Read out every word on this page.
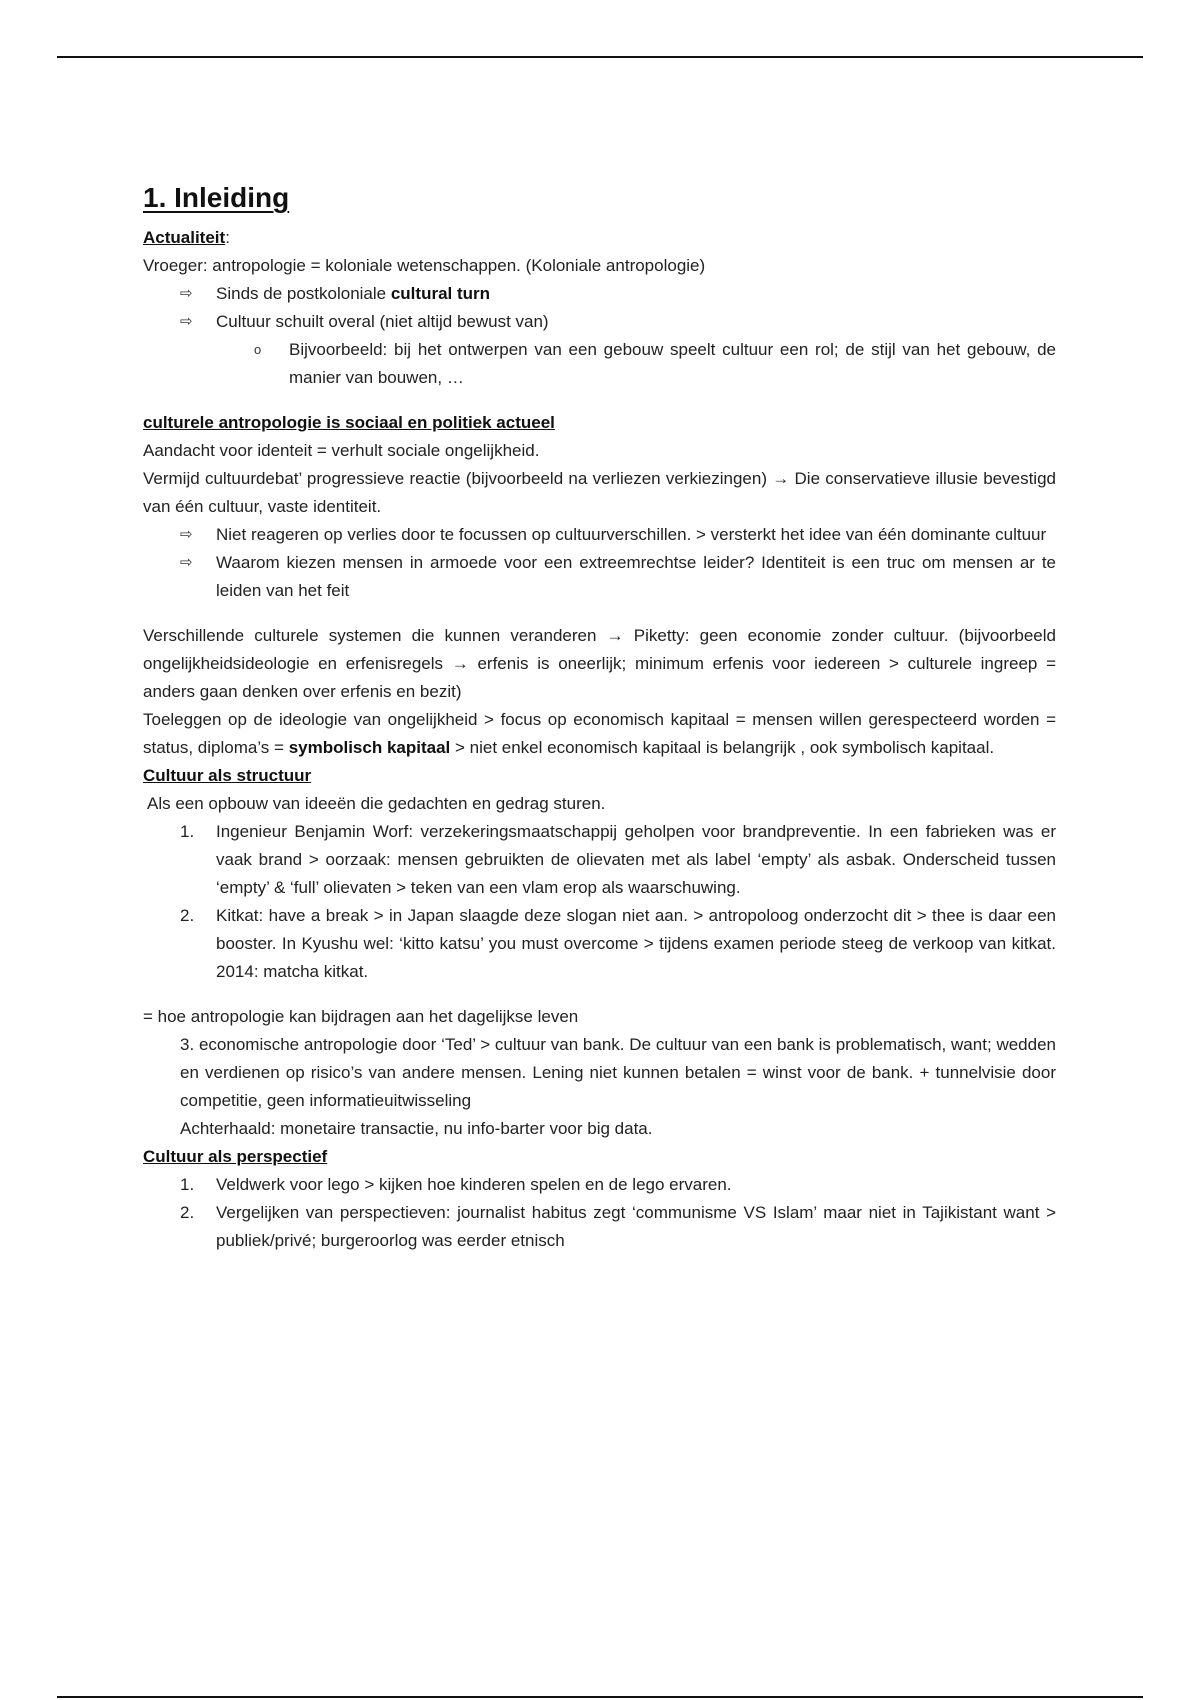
1. Inleiding

Actualiteit:

Vroeger: antropologie = koloniale wetenschappen. (Koloniale antropologie)

⇨ Sinds de postkoloniale cultural turn
⇨ Cultuur schuilt overal (niet altijd bewust van)
o Bijvoorbeeld: bij het ontwerpen van een gebouw speelt cultuur een rol; de stijl van het gebouw, de manier van bouwen, …

culturele antropologie is sociaal en politiek actueel

Aandacht voor identeit = verhult sociale ongelijkheid.

Vermijd cultuurdebat’ progressieve reactie (bijvoorbeeld na verliezen verkiezingen) → Die conservatieve illusie bevestigd van één cultuur, vaste identiteit.

⇨ Niet reageren op verlies door te focussen op cultuurverschillen. > versterkt het idee van één dominante cultuur
⇨ Waarom kiezen mensen in armoede voor een extreemrechtse leider? Identiteit is een truc om mensen ar te leiden van het feit

Verschillende culturele systemen die kunnen veranderen → Piketty: geen economie zonder cultuur. (bijvoorbeeld ongelijkheidsideologie en erfenisregels → erfenis is oneerlijk; minimum erfenis voor iedereen > culturele ingreep = anders gaan denken over erfenis en bezit)

Toeleggen op de ideologie van ongelijkheid > focus op economisch kapitaal = mensen willen gerespecteerd worden = status, diploma’s = symbolisch kapitaal > niet enkel economisch kapitaal is belangrijk , ook symbolisch kapitaal.

Cultuur als structuur

Als een opbouw van ideeën die gedachten en gedrag sturen.

1. Ingenieur Benjamin Worf: verzekeringsmaatschappij geholpen voor brandpreventie. In een fabrieken was er vaak brand > oorzaak: mensen gebruikten de olievaten met als label ‘empty’ als asbak. Onderscheid tussen ‘empty’ & ‘full’ olievaten > teken van een vlam erop als waarschuwing.
2. Kitkat: have a break > in Japan slaagde deze slogan niet aan. > antropoloog onderzocht dit > thee is daar een booster. In Kyushu wel: ‘kitto katsu’ you must overcome > tijdens examen periode steeg de verkoop van kitkat. 2014: matcha kitkat.

= hoe antropologie kan bijdragen aan het dagelijkse leven

3. economische antropologie door ‘Ted’ > cultuur van bank. De cultuur van een bank is problematisch, want; wedden en verdienen op risico’s van andere mensen. Lening niet kunnen betalen = winst voor de bank. + tunnelvisie door competitie, geen informatieuitwisseling

Achterhaald: monetaire transactie, nu info-barter voor big data.

Cultuur als perspectief

1. Veldwerk voor lego > kijken hoe kinderen spelen en de lego ervaren.
2. Vergelijken van perspectieven: journalist habitus zegt ‘communisme VS Islam’ maar niet in Tajikistant want > publiek/privé; burgeroorlog was eerder etnisch
